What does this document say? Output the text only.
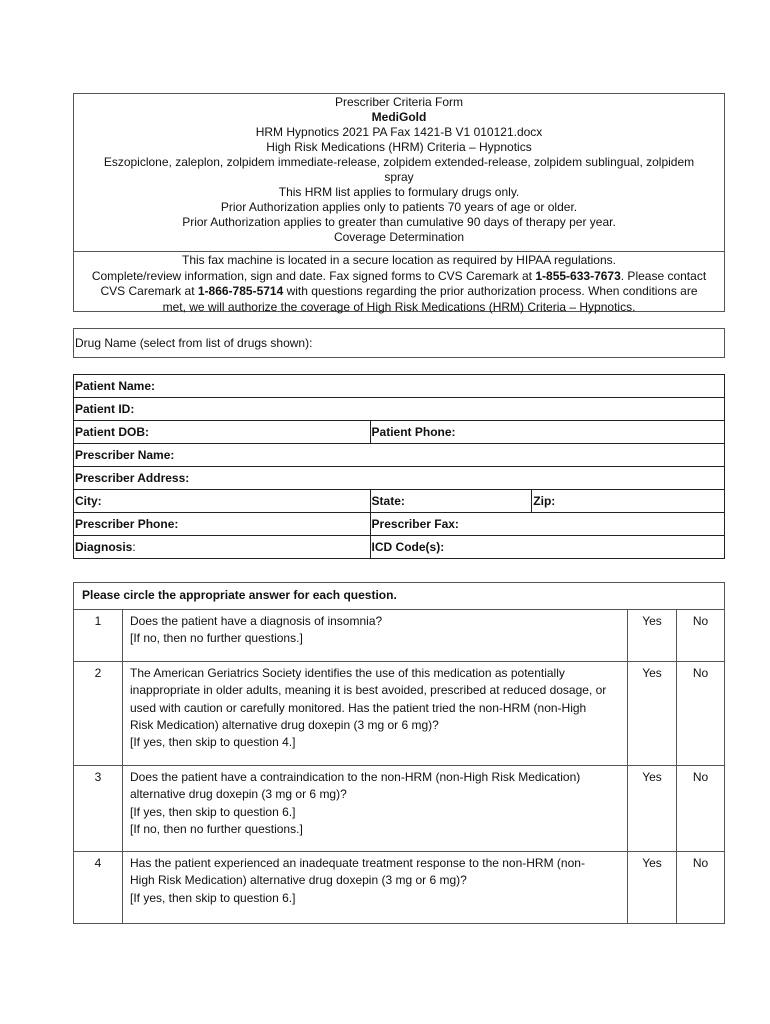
Prescriber Criteria Form
MediGold
HRM Hypnotics 2021 PA Fax 1421-B V1 010121.docx
High Risk Medications (HRM) Criteria – Hypnotics
Eszopiclone, zaleplon, zolpidem immediate-release, zolpidem extended-release, zolpidem sublingual, zolpidem
spray
This HRM list applies to formulary drugs only.
Prior Authorization applies only to patients 70 years of age or older.
Prior Authorization applies to greater than cumulative 90 days of therapy per year.
Coverage Determination
This fax machine is located in a secure location as required by HIPAA regulations.
Complete/review information, sign and date. Fax signed forms to CVS Caremark at 1-855-633-7673. Please contact
CVS Caremark at 1-866-785-5714 with questions regarding the prior authorization process. When conditions are
met, we will authorize the coverage of High Risk Medications (HRM) Criteria – Hypnotics.
Drug Name (select from list of drugs shown):
Patient Name:		
Patient ID:		
Patient DOB:	Patient Phone:	
Prescriber Name:		
Prescriber Address:		
City:	State:	Zip:
Prescriber Phone:	Prescriber Fax:	
Diagnosis:	ICD Code(s):	
Please circle the appropriate answer for each question.			
1	Does the patient have a diagnosis of insomnia?
[If no, then no further questions.]	Yes	No
2	The American Geriatrics Society identifies the use of this medication as potentially
inappropriate in older adults, meaning it is best avoided, prescribed at reduced dosage, or
used with caution or carefully monitored. Has the patient tried the non-HRM (non-High
Risk Medication) alternative drug doxepin (3 mg or 6 mg)?
[If yes, then skip to question 4.]	Yes	No
3	Does the patient have a contraindication to the non-HRM (non-High Risk Medication)
alternative drug doxepin (3 mg or 6 mg)?
[If yes, then skip to question 6.]
[If no, then no further questions.]	Yes	No
4	Has the patient experienced an inadequate treatment response to the non-HRM (non-
High Risk Medication) alternative drug doxepin (3 mg or 6 mg)?
[If yes, then skip to question 6.]	Yes	No
